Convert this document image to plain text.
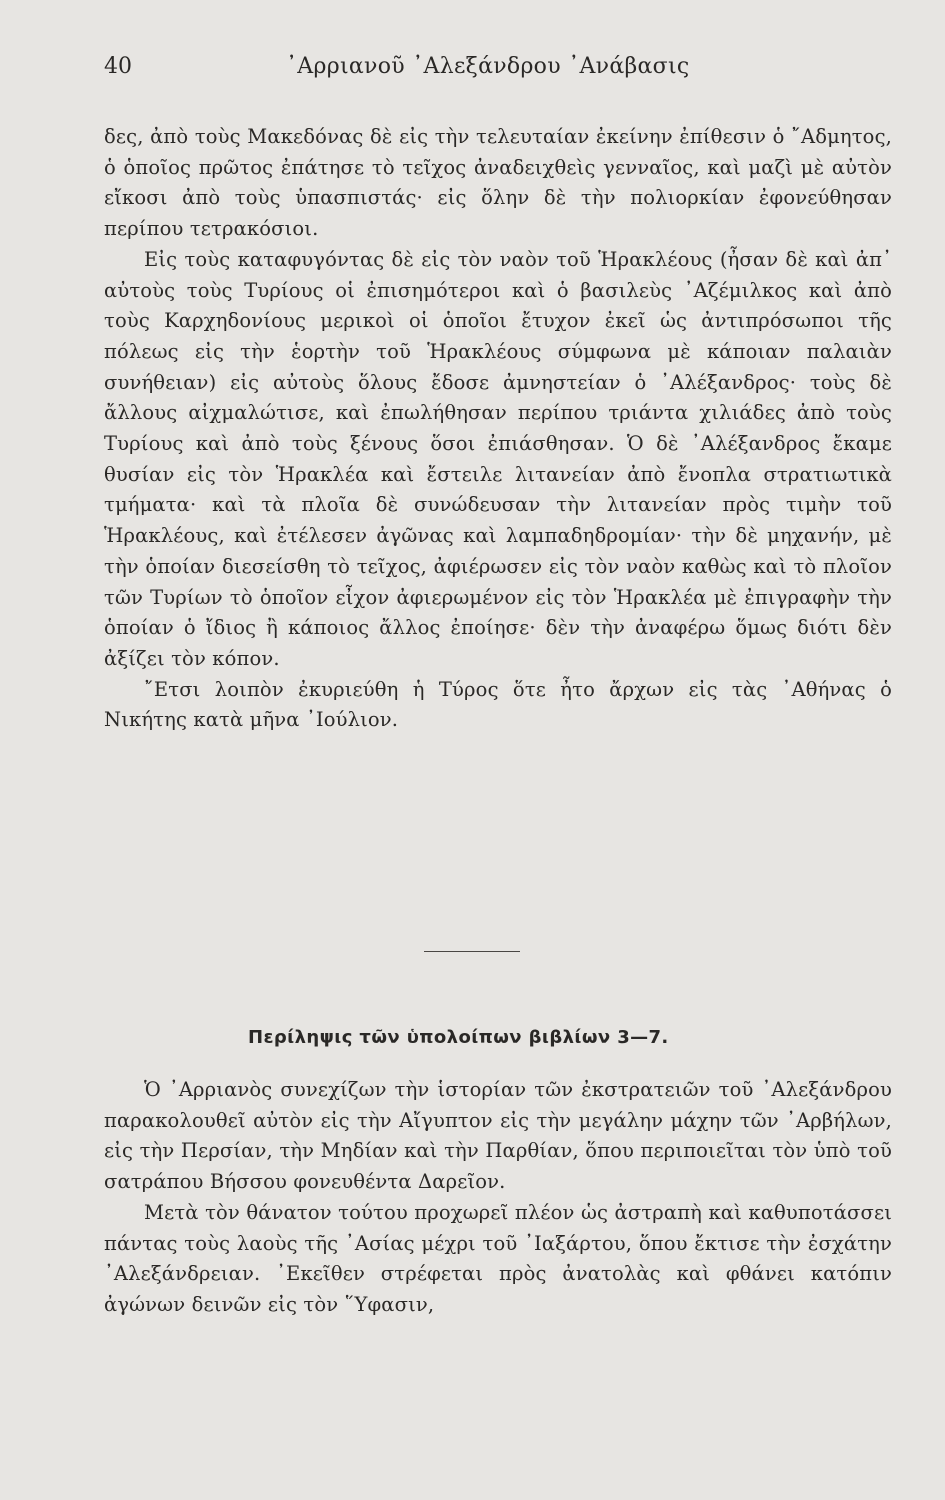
40	᾿Αρριανοῦ ᾿Αλεξάνδρου ᾿Ανάβασις

δες, ἀπὸ τοὺς Μακεδόνας δὲ εἰς τὴν τελευταίαν ἐκείνην ἐπίθεσιν ὁ ῎Αδμητος, ὁ ὁποῖος πρῶτος ἐπάτησε τὸ τεῖχος ἀναδειχθεὶς γενναῖος, καὶ μαζὶ μὲ αὐτὸν εἴκοσι ἀπὸ τοὺς ὑπασπιστάς· εἰς ὅλην δὲ τὴν πολιορκίαν ἐφονεύθησαν περίπου τετρακόσιοι.

Εἰς τοὺς καταφυγόντας δὲ εἰς τὸν ναὸν τοῦ Ἡρακλέους (ἦσαν δὲ καὶ ἀπ᾿ αὐτοὺς τοὺς Τυρίους οἱ ἐπισημότεροι καὶ ὁ βασιλεὺς ᾿Αζέμιλκος καὶ ἀπὸ τοὺς Καρχηδονίους μερικοὶ οἱ ὁποῖοι ἔτυχον ἐκεῖ ὡς ἀντιπρόσωποι τῆς πόλεως εἰς τὴν ἑορτὴν τοῦ Ἡρακλέους σύμφωνα μὲ κάποιαν παλαιὰν συνήθειαν) εἰς αὐτοὺς ὅλους ἔδοσε ἀμνηστείαν ὁ ᾿Αλέξανδρος· τοὺς δὲ ἄλλους αἰχμαλώτισε, καὶ ἐπωλήθησαν περίπου τριάντα χιλιάδες ἀπὸ τοὺς Τυρίους καὶ ἀπὸ τοὺς ξένους ὅσοι ἐπιάσθησαν. Ὁ δὲ ᾿Αλέξανδρος ἔκαμε θυσίαν εἰς τὸν Ἡρακλέα καὶ ἔστειλε λιτανείαν ἀπὸ ἔνοπλα στρατιωτικὰ τμήματα· καὶ τὰ πλοῖα δὲ συνώδευσαν τὴν λιτανείαν πρὸς τιμὴν τοῦ Ἡρακλέους, καὶ ἐτέλεσεν ἀγῶνας καὶ λαμπαδηδρομίαν· τὴν δὲ μηχανήν, μὲ τὴν ὁποίαν διεσείσθη τὸ τεῖχος, ἀφιέρωσεν εἰς τὸν ναὸν καθὼς καὶ τὸ πλοῖον τῶν Τυρίων τὸ ὁποῖον εἶχον ἀφιερωμένον εἰς τὸν Ἡρακλέα μὲ ἐπιγραφὴν τὴν ὁποίαν ὁ ἴδιος ἢ κάποιος ἄλλος ἐποίησε· δὲν τὴν ἀναφέρω ὅμως διότι δὲν ἀξίζει τὸν κόπον.

῎Ετσι λοιπὸν ἐκυριεύθη ἡ Τύρος ὅτε ἦτο ἄρχων εἰς τὰς ᾿Αθήνας ὁ Νικήτης κατὰ μῆνα ᾿Ιούλιον.

Περίληψις τῶν ὑπολοίπων βιβλίων 3—7.

Ὁ ᾿Αρριανὸς συνεχίζων τὴν ἱστορίαν τῶν ἐκστρατειῶν τοῦ ᾿Αλεξάνδρου παρακολουθεῖ αὐτὸν εἰς τὴν Αἴγυπτον εἰς τὴν μεγάλην μάχην τῶν ᾿Αρβήλων, εἰς τὴν Περσίαν, τὴν Μηδίαν καὶ τὴν Παρθίαν, ὅπου περιποιεῖται τὸν ὑπὸ τοῦ σατράπου Βήσσου φονευθέντα Δαρεῖον.

Μετὰ τὸν θάνατον τούτου προχωρεῖ πλέον ὡς ἀστραπὴ καὶ καθυποτάσσει πάντας τοὺς λαοὺς τῆς ᾿Ασίας μέχρι τοῦ ᾿Ιαξάρτου, ὅπου ἔκτισε τὴν ἐσχάτην ᾿Αλεξάνδρειαν. ᾿Εκεῖθεν στρέφεται πρὸς ἀνατολὰς καὶ φθάνει κατόπιν ἀγώνων δεινῶν εἰς τὸν ῞Υφασιν,
